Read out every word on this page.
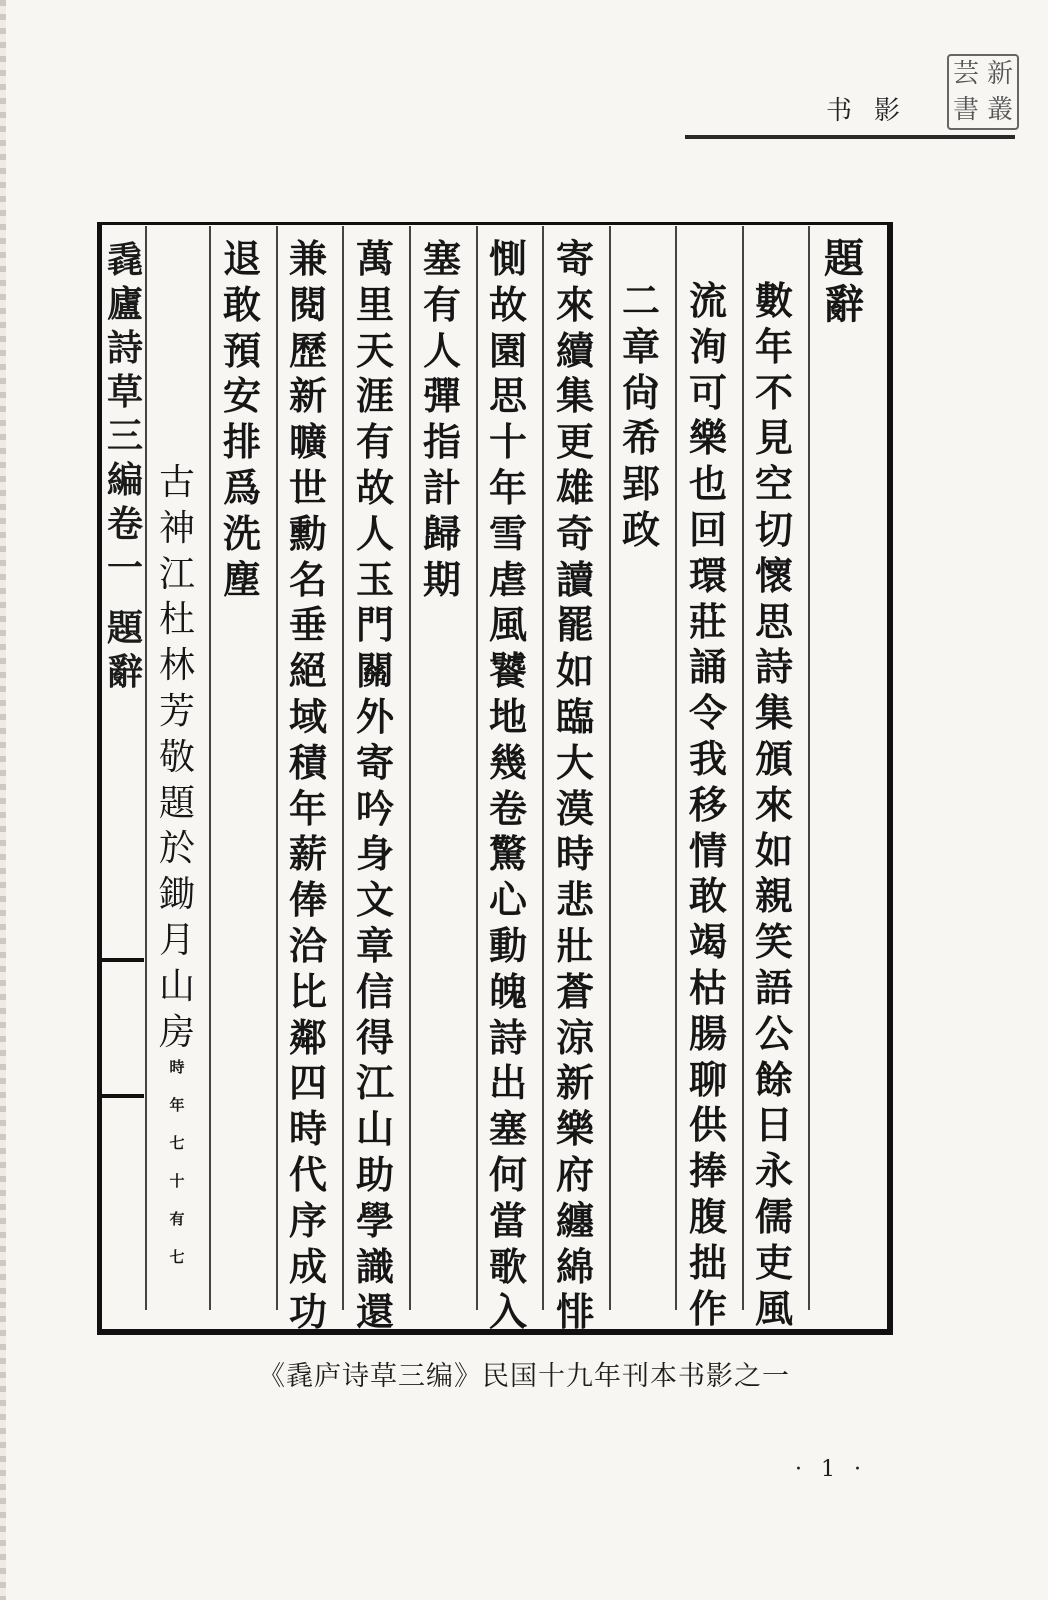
书影
芸 新
書 叢
題
辭
數
年
不
見
空
切
懷
思
詩
集
頒
來
如
親
笑
語
公
餘
日
永
儒
吏
風
流
洵
可
樂
也
回
環
莊
誦
令
我
移
情
敢
竭
枯
腸
聊
供
捧
腹
拙
作
二
章
尙
希
郢
政
寄
來
續
集
更
雄
奇
讀
罷
如
臨
大
漠
時
悲
壯
蒼
涼
新
樂
府
纏
綿
悱
惻
故
園
思
十
年
雪
虐
風
饕
地
幾
卷
驚
心
動
魄
詩
出
塞
何
當
歌
入
塞
有
人
彈
指
計
歸
期
萬
里
天
涯
有
故
人
玉
門
關
外
寄
吟
身
文
章
信
得
江
山
助
學
識
還
兼
閱
歷
新
曠
世
勳
名
垂
絕
域
積
年
薪
俸
洽
比
鄰
四
時
代
序
成
功
退
敢
預
安
排
爲
洗
塵
古
神
江
杜
林
芳
敬
題
於
鋤
月
山
房
時
年
七
十
有
七
毳
廬
詩
草
三
編
卷
一
題
辭
《毳庐诗草三编》民国十九年刊本书影之一
· 1 ·
